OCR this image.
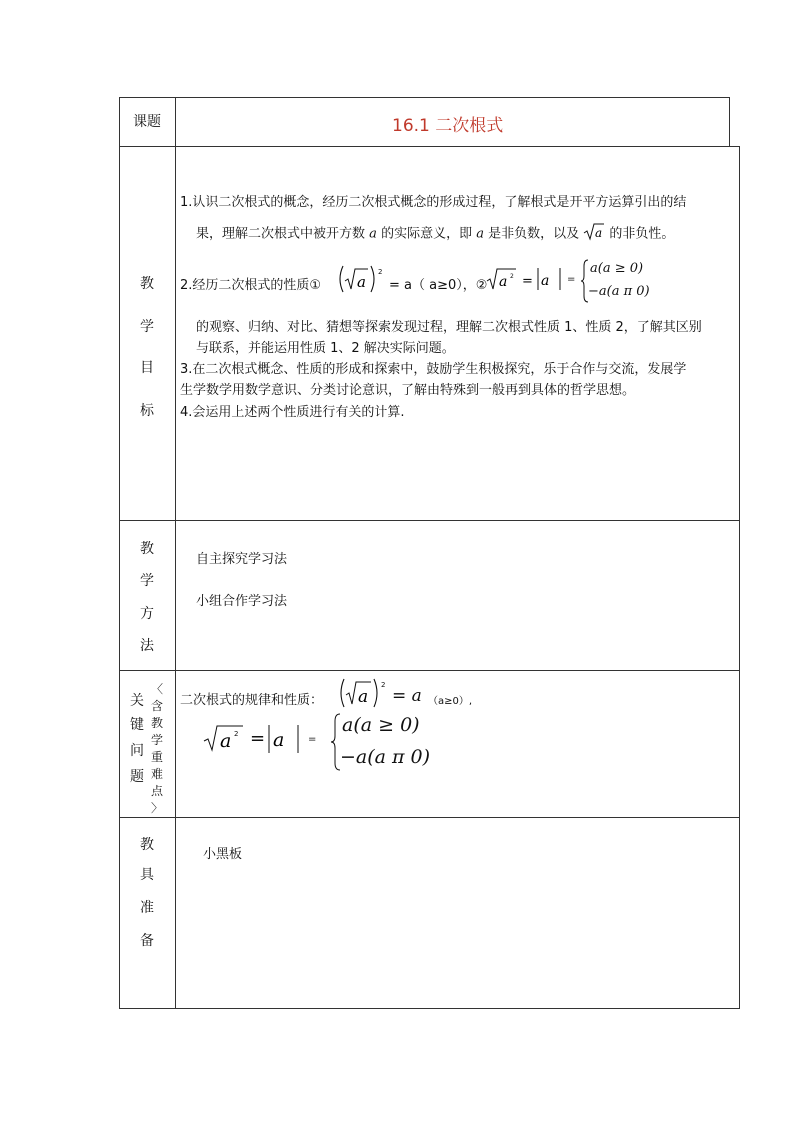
课题	16.1 二次根式
教
学
目
标
1.认识二次根式的概念，经历二次根式概念的形成过程，了解根式是开平方运算引出的结
果，理解二次根式中被开方数 a 的实际意义，即 a 是非负数，以及 a 的非负性。
2.经历二次根式的性质① a
2
= a（ a≥0），② a 2 = a =
a(a ≥ 0)
−a(a π 0)
的观察、归纳、对比、猜想等探索发现过程，理解二次根式性质 1、性质 2，了解其区别
与联系，并能运用性质 1、2 解决实际问题。
3.在二次根式概念、性质的形成和探索中，鼓励学生积极探究，乐于合作与交流，发展学
生学数学用数学意识、分类讨论意识，了解由特殊到一般再到具体的哲学思想。
4.会运用上述两个性质进行有关的计算.
教
学
方
法
自主探究学习法
小组合作学习法
关
键
问
题
〈
含
教
学
重
难
点
〉
二次根式的规律和性质： a
2
= a （a≥0）,
a 2 = a =
a(a ≥ 0)
−a(a π 0)
教
具
准
备
小黑板
